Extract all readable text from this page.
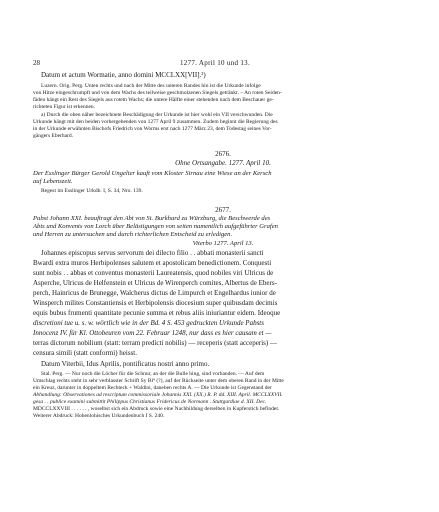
28	1277. April 10 und 13.
Datum et actum Wormatie, anno domini MCCLXX[VII].²)
Luzern. Orig. Perg. Unten rechts und nach der Mitte des unteren Randes hin ist die Urkunde infolge
von Hitze eingeschrumpft und von dem Wachs des teilweise geschmolzenen Siegels getränkt. – An roten Seiden-
fäden hängt ein Rest des Siegels aus rotem Wachs; die untere Hälfte einer stehenden nach dem Beschauer ge-
richteten Figur ist erkennen.
a) Durch die oben näher bezeichnete Beschädigung der Urkunde ist hier wohl ein VII verschwunden. Die
Urkunde hängt mit den beiden vorhergehenden von 1277 April 9 zusammen. Zudem beginnt die Regierung des
in der Urkunde erwähnten Bischofs Friedrich von Worms erst nach 1277 März 23, dem Todestag seines Vor-
gängers Eberhard.
2676.
Ohne Ortsangabe. 1277. April 10.
Der Esslinger Bürger Gerold Ungelter kauft vom Kloster Sirnau eine Wiese an der Kersch
auf Lebenszeit.
Regest im Esslinger Urkdb. I, S. 34, Nro. 139.
2677.
Pabst Johann XXI. beauftragt den Abt von St. Burkhard zu Würzburg, die Beschwerde des
Abts und Konvents von Lorch über Belästigungen von seiten namentlich aufgeführter Grafen
und Herren zu untersuchen und durch richterlichen Entscheid zu erledigen.
Viterbo 1277. April 13.
Johannes episcopus servus servorum dei dilecto filio . . abbati monasterii sancti
Bwardi extra muros Herbipolenses salutem et apostolicam benedictionem. Conquesti
sunt nobis . . abbas et conventus monasterii Laureatensis, quod nobiles viri Ulricus de
Asperche, Ulricus de Helfenstein et Ulricus de Wirenperch comites, Albertus de Ebers-
perch, Hainricus de Brunegge, Walcherus dictus de Limpurch et Engelhardus iunior de
Winsperch milites Constantiensis et Herbipolensis diocesium super quibusdam decimis
equis bubus frumenti quantitate pecunie summa et rebus aliis iniuriantur eidem. Ideoque
discretioni tue u. s. w. wörtlich wie in der Bd. 4 S. 453 gedruckten Urkunde Pabsts
Innocenz IV. für Kl. Ottobeuren vom 22. Februar 1248, nur dass es hier causam et —
terras dictorum nobilium (statt: terram predicti nobilis) — receperis (statt acceperis) —
censura simili (statt conformi) heisst.
Datum Viterbii, Idus Aprilis, pontificatus nostri anno primo.
Stal. Perg. — Nur noch die Löcher für die Schnur, an der die Bulle hing, sind vorhanden. — Auf dem
Umschlag rechts steht in sehr verblasster Schrift Sy Bl⁹ (?), auf der Rückseite unter dem oberen Rand in der Mitte
ein Kreuz, darunter in doppeltem Rechteck + Waldini, daneben rechts A. — Die Urkunde ist Gegenstand der
Abhandlung: Observationes ad rescriptum commissoriale Johannis XXI. (XX.) R. P. dd. XIII. April. MCCLXXVII.
gesa . . publice examini submittit Philippus Christianus Fridericus de Normann . Stuttgardiae d. XII. Dec.
MDCCLXXVIII . . . . . . , woselbst sich ein Abdruck sowie eine Nachbildung derselben in Kupferstich befindet.
Weiterer Abdruck: Hohenlohisches Urkundenbuch I S. 240.
